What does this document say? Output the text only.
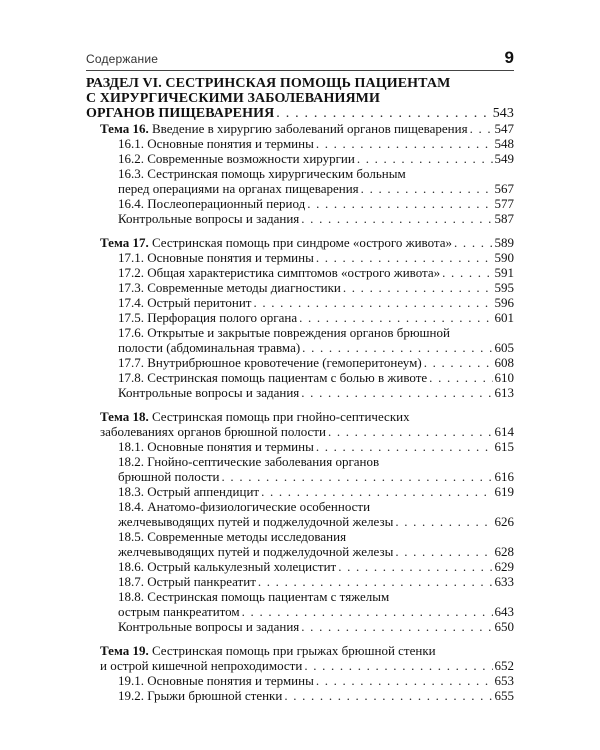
Содержание	9
РАЗДЕЛ VI. СЕСТРИНСКАЯ ПОМОЩЬ ПАЦИЕНТАМ
С ХИРУРГИЧЕСКИМИ ЗАБОЛЕВАНИЯМИ
ОРГАНОВ ПИЩЕВАРЕНИЯ . . .	543
Тема 16. Введение в хирургию заболеваний органов пищеварения . . . 547
16.1. Основные понятия и термины . . .	548
16.2. Современные возможности хирургии . . .	549
16.3. Сестринская помощь хирургическим больным
перед операциями на органах пищеварения . . .	567
16.4. Послеоперационный период . . .	577
Контрольные вопросы и задания . . .	587
Тема 17. Сестринская помощь при синдроме «острого живота» . . .	589
17.1. Основные понятия и термины . . .	590
17.2. Общая характеристика симптомов «острого живота» . . .	591
17.3. Современные методы диагностики . . .	595
17.4. Острый перитонит . . .	596
17.5. Перфорация полого органа . . .	601
17.6. Открытые и закрытые повреждения органов брюшной
полости (абдоминальная травма) . . .	605
17.7. Внутрибрюшное кровотечение (гемоперитонеум) . . .	608
17.8. Сестринская помощь пациентам с болью в животе . . .	610
Контрольные вопросы и задания . . .	613
Тема 18. Сестринская помощь при гнойно-септических
заболеваниях органов брюшной полости . . .	614
18.1. Основные понятия и термины . . .	615
18.2. Гнойно-септические заболевания органов
брюшной полости . . .	616
18.3. Острый аппендицит . . .	619
18.4. Анатомо-физиологические особенности
желчевыводящих путей и поджелудочной железы . . .	626
18.5. Современные методы исследования
желчевыводящих путей и поджелудочной железы . . .	628
18.6. Острый калькулезный холецистит . . .	629
18.7. Острый панкреатит . . .	633
18.8. Сестринская помощь пациентам с тяжелым
острым панкреатитом . . .	643
Контрольные вопросы и задания . . .	650
Тема 19. Сестринская помощь при грыжах брюшной стенки
и острой кишечной непроходимости . . .	652
19.1. Основные понятия и термины . . .	653
19.2. Грыжи брюшной стенки . . .	655
